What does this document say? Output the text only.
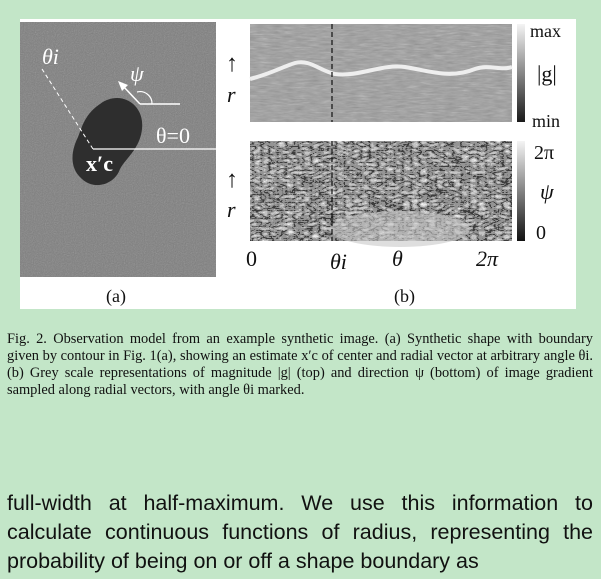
θi
ψ
θ=0
x′c
↑
r
↑
r
max
|g|
min
2π
ψ
0
0	θi θ	2π
(a)	(b)
Fig. 2. Observation model from an example synthetic image. (a) Synthetic shape with boundary given by contour in Fig. 1(a), showing an estimate x′c of center and radial vector at arbitrary angle θi. (b) Grey scale representations of magnitude |g| (top) and direction ψ (bottom) of image gradient sampled along radial vectors, with angle θi marked.
full-width at half-maximum. We use this information to calculate continuous functions of radius, representing the probability of being on or off a shape boundary as
